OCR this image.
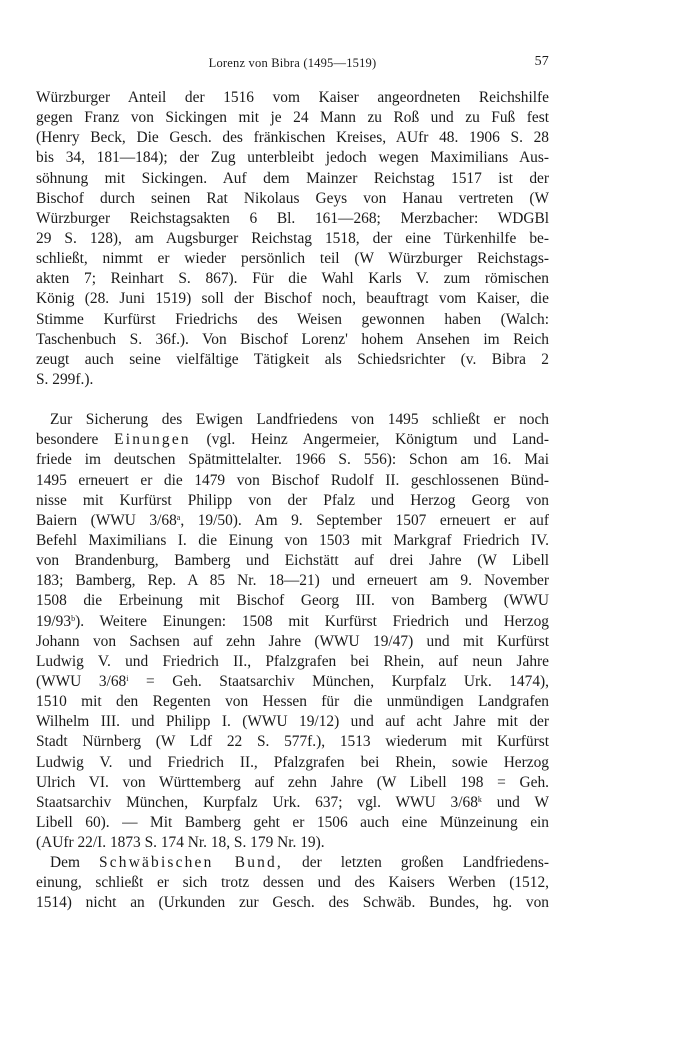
Lorenz von Bibra (1495—1519)	57
Würzburger Anteil der 1516 vom Kaiser angeordneten Reichshilfe
gegen Franz von Sickingen mit je 24 Mann zu Roß und zu Fuß fest
(Henry Beck, Die Gesch. des fränkischen Kreises, AUfr 48. 1906 S. 28
bis 34, 181—184); der Zug unterbleibt jedoch wegen Maximilians Aus-
söhnung mit Sickingen. Auf dem Mainzer Reichstag 1517 ist der
Bischof durch seinen Rat Nikolaus Geys von Hanau vertreten (W
Würzburger Reichstagsakten 6 Bl. 161—268; Merzbacher: WDGBl
29 S. 128), am Augsburger Reichstag 1518, der eine Türkenhilfe be-
schließt, nimmt er wieder persönlich teil (W Würzburger Reichstags-
akten 7; Reinhart S. 867). Für die Wahl Karls V. zum römischen
König (28. Juni 1519) soll der Bischof noch, beauftragt vom Kaiser, die
Stimme Kurfürst Friedrichs des Weisen gewonnen haben (Walch:
Taschenbuch S. 36f.). Von Bischof Lorenz' hohem Ansehen im Reich
zeugt auch seine vielfältige Tätigkeit als Schiedsrichter (v. Bibra 2
S. 299f.).
Zur Sicherung des Ewigen Landfriedens von 1495 schließt er noch
besondere Einungen (vgl. Heinz Angermeier, Königtum und Land-
friede im deutschen Spätmittelalter. 1966 S. 556): Schon am 16. Mai
1495 erneuert er die 1479 von Bischof Rudolf II. geschlossenen Bünd-
nisse mit Kurfürst Philipp von der Pfalz und Herzog Georg von
Baiern (WWU 3/68$^a$, 19/50). Am 9. September 1507 erneuert er auf
Befehl Maximilians I. die Einung von 1503 mit Markgraf Friedrich IV.
von Brandenburg, Bamberg und Eichstätt auf drei Jahre (W Libell
183; Bamberg, Rep. A 85 Nr. 18—21) und erneuert am 9. November
1508 die Erbeinung mit Bischof Georg III. von Bamberg (WWU
19/93$^b$). Weitere Einungen: 1508 mit Kurfürst Friedrich und Herzog
Johann von Sachsen auf zehn Jahre (WWU 19/47) und mit Kurfürst
Ludwig V. und Friedrich II., Pfalzgrafen bei Rhein, auf neun Jahre
(WWU $3/68^i$ = Geh. Staatsarchiv München, Kurpfalz Urk. 1474),
1510 mit den Regenten von Hessen für die unmündigen Landgrafen
Wilhelm III. und Philipp I. (WWU 19/12) und auf acht Jahre mit der
Stadt Nürnberg (W Ldf 22 S. 577f.), 1513 wiederum mit Kurfürst
Ludwig V. und Friedrich II., Pfalzgrafen bei Rhein, sowie Herzog
Ulrich VI. von Württemberg auf zehn Jahre (W Libell 198 = Geh.
Staatsarchiv München, Kurpfalz Urk. 637; vgl. WWU 3/68$^k$ und W
Libell 60). — Mit Bamberg geht er 1506 auch eine Münzeinung ein
(AUfr 22/I. 1873 S. 174 Nr. 18, S. 179 Nr. 19).
Dem Schwäbischen Bund, der letzten großen Landfriedens-
einung, schließt er sich trotz dessen und des Kaisers Werben (1512,
1514) nicht an (Urkunden zur Gesch. des Schwäb. Bundes, hg. von
